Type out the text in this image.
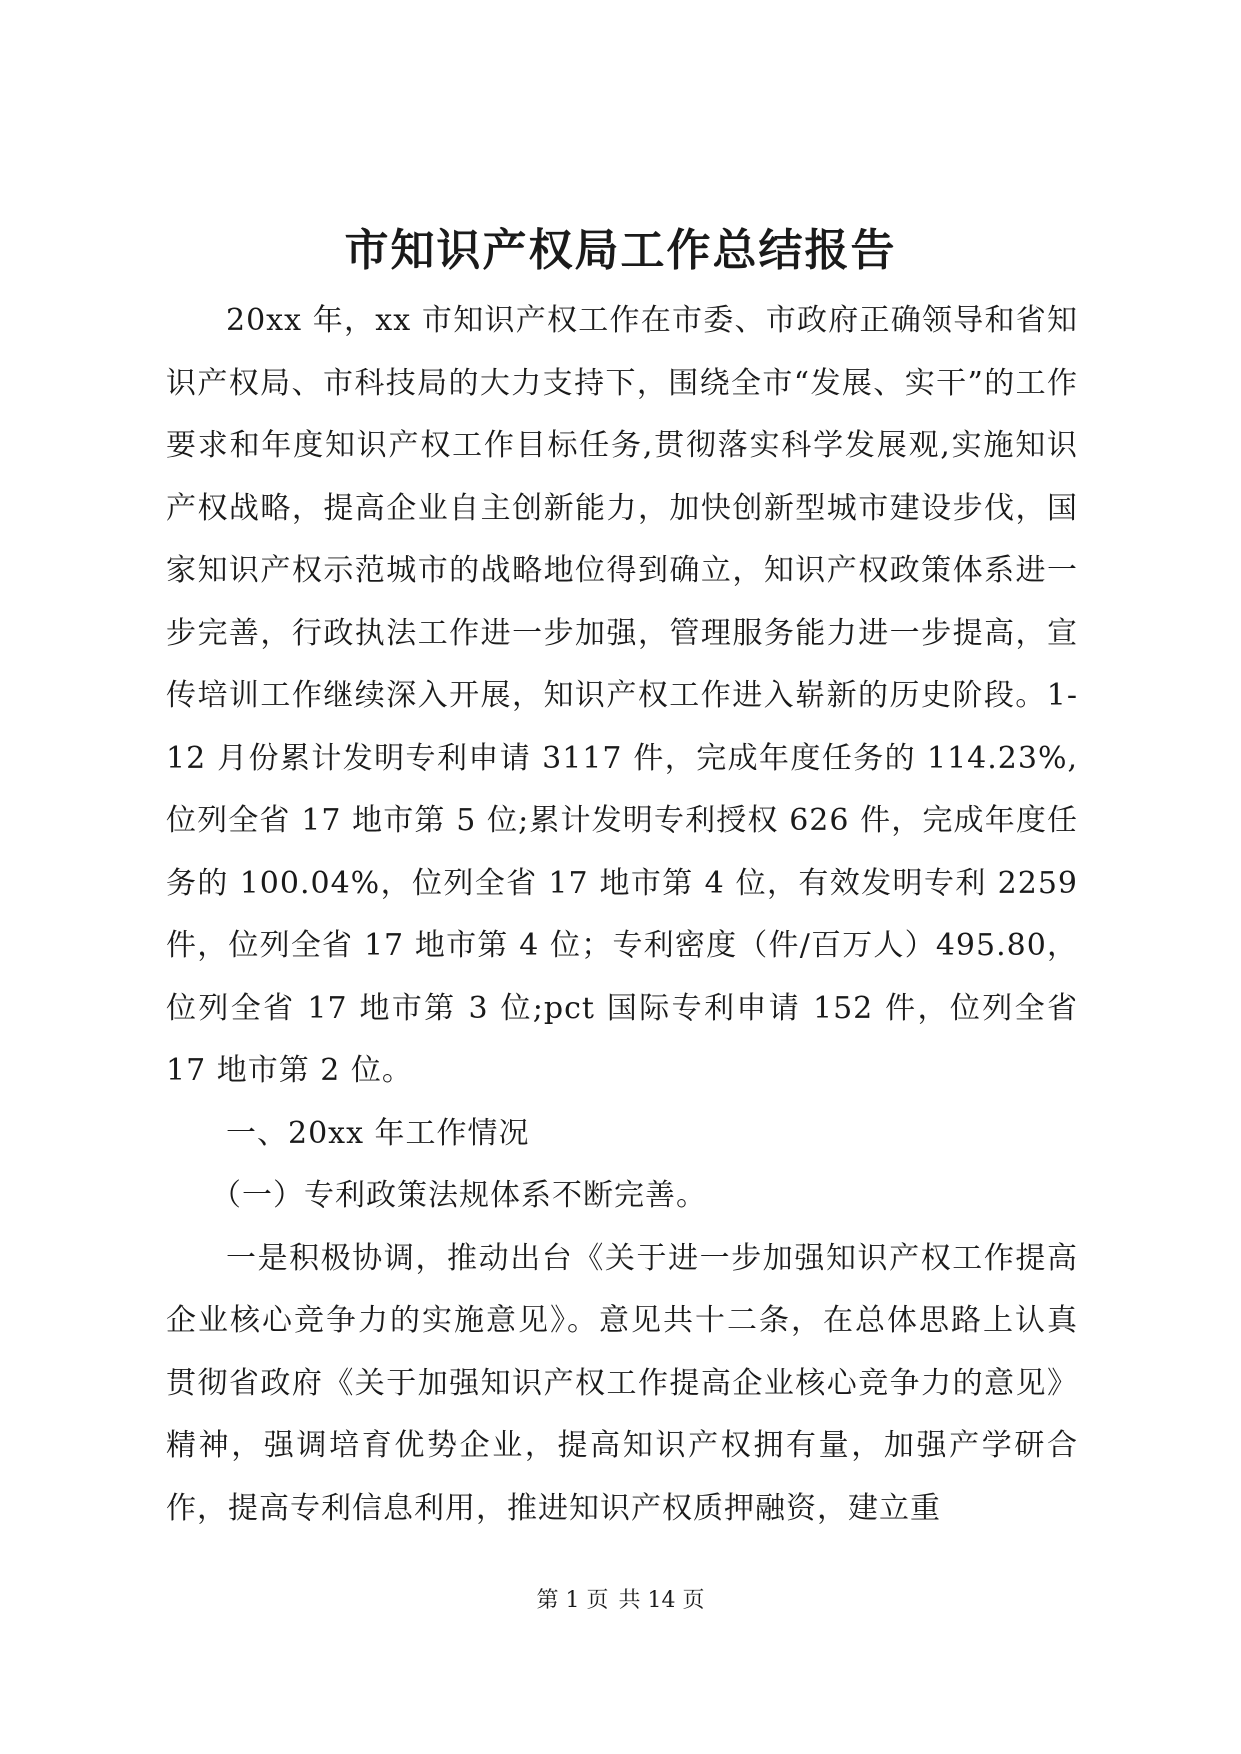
市知识产权局工作总结报告

20xx 年，xx 市知识产权工作在市委、市政府正确领导和省知识产权局、市科技局的大力支持下，围绕全市“发展、实干”的工作要求和年度知识产权工作目标任务,贯彻落实科学发展观,实施知识产权战略，提高企业自主创新能力，加快创新型城市建设步伐，国家知识产权示范城市的战略地位得到确立，知识产权政策体系进一步完善，行政执法工作进一步加强，管理服务能力进一步提高，宣传培训工作继续深入开展，知识产权工作进入崭新的历史阶段。1-12 月份累计发明专利申请 3117 件，完成年度任务的 114.23%,位列全省 17 地市第 5 位;累计发明专利授权 626 件，完成年度任务的 100.04%，位列全省 17 地市第 4 位，有效发明专利 2259 件，位列全省 17 地市第 4 位；专利密度（件/百万人）495.80，位列全省 17 地市第 3 位;pct 国际专利申请 152 件，位列全省 17 地市第 2 位。

一、20xx 年工作情况

（一）专利政策法规体系不断完善。

一是积极协调，推动出台《关于进一步加强知识产权工作提高企业核心竞争力的实施意见》。意见共十二条，在总体思路上认真贯彻省政府《关于加强知识产权工作提高企业核心竞争力的意见》精神，强调培育优势企业，提高知识产权拥有量，加强产学研合作，提高专利信息利用，推进知识产权质押融资，建立重

第 1 页 共 14 页
